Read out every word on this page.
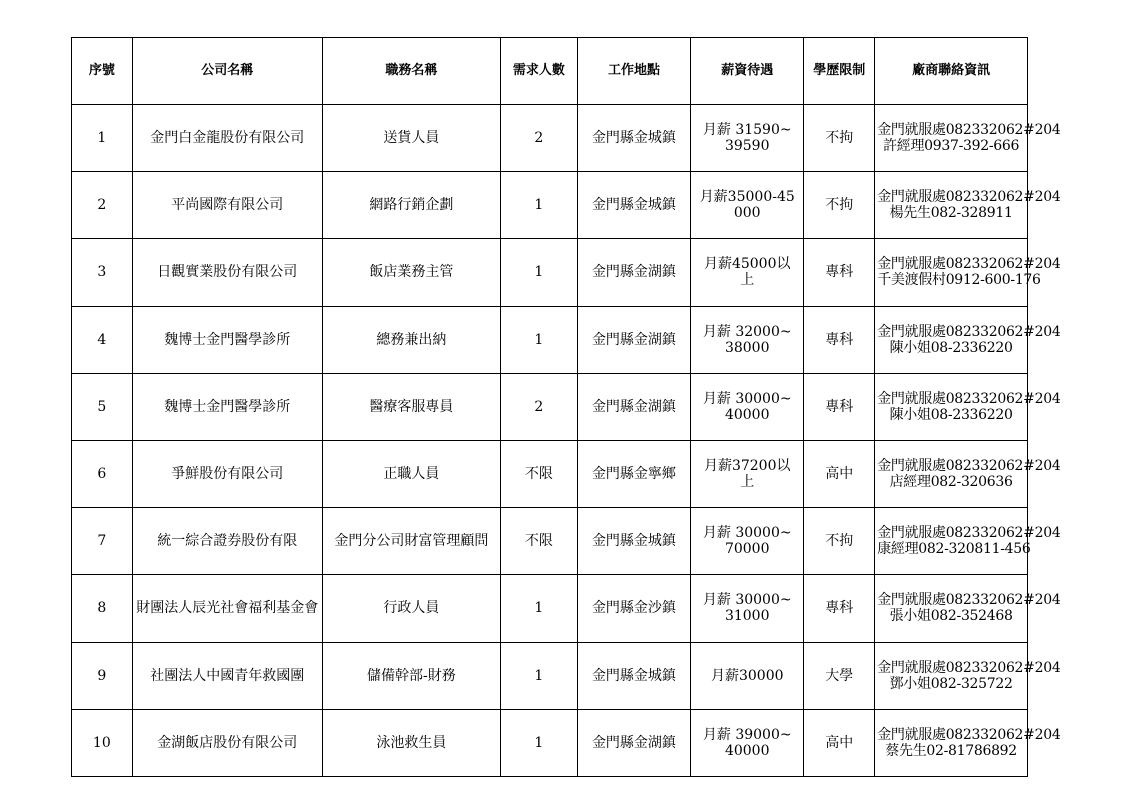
序號	公司名稱	職務名稱	需求人數	工作地點	薪資待遇	學歷限制	廠商聯絡資訊
1	金門白金龍股份有限公司	送貨人員	2	金門縣金城鎮	月薪 31590~39590	不拘	金門就服處082332062#204
許經理0937-392-666

2	平尚國際有限公司	網路行銷企劃	1	金門縣金城鎮	月薪35000-45000	不拘	金門就服處082332062#204
楊先生082-328911

3	日觀實業股份有限公司	飯店業務主管	1	金門縣金湖鎮	月薪45000以上	專科	金門就服處082332062#204
千美渡假村0912-600-176

4	魏博士金門醫學診所	總務兼出納	1	金門縣金湖鎮	月薪 32000~38000	專科	金門就服處082332062#204
陳小姐08-2336220

5	魏博士金門醫學診所	醫療客服專員	2	金門縣金湖鎮	月薪 30000~40000	專科	金門就服處082332062#204
陳小姐08-2336220

6	爭鮮股份有限公司	正職人員	不限	金門縣金寧鄉	月薪37200以上	高中	金門就服處082332062#204
店經理082-320636

7	統一綜合證券股份有限	金門分公司財富管理顧問	不限	金門縣金城鎮	月薪 30000~70000	不拘	金門就服處082332062#204
康經理082-320811-456

8	財團法人辰光社會福利基金會	行政人員	1	金門縣金沙鎮	月薪 30000~31000	專科	金門就服處082332062#204
張小姐082-352468

9	社團法人中國青年救國團	儲備幹部-財務	1	金門縣金城鎮	月薪30000	大學	金門就服處082332062#204
鄧小姐082-325722

10	金湖飯店股份有限公司	泳池救生員	1	金門縣金湖鎮	月薪 39000~40000	高中	金門就服處082332062#204
蔡先生02-81786892
